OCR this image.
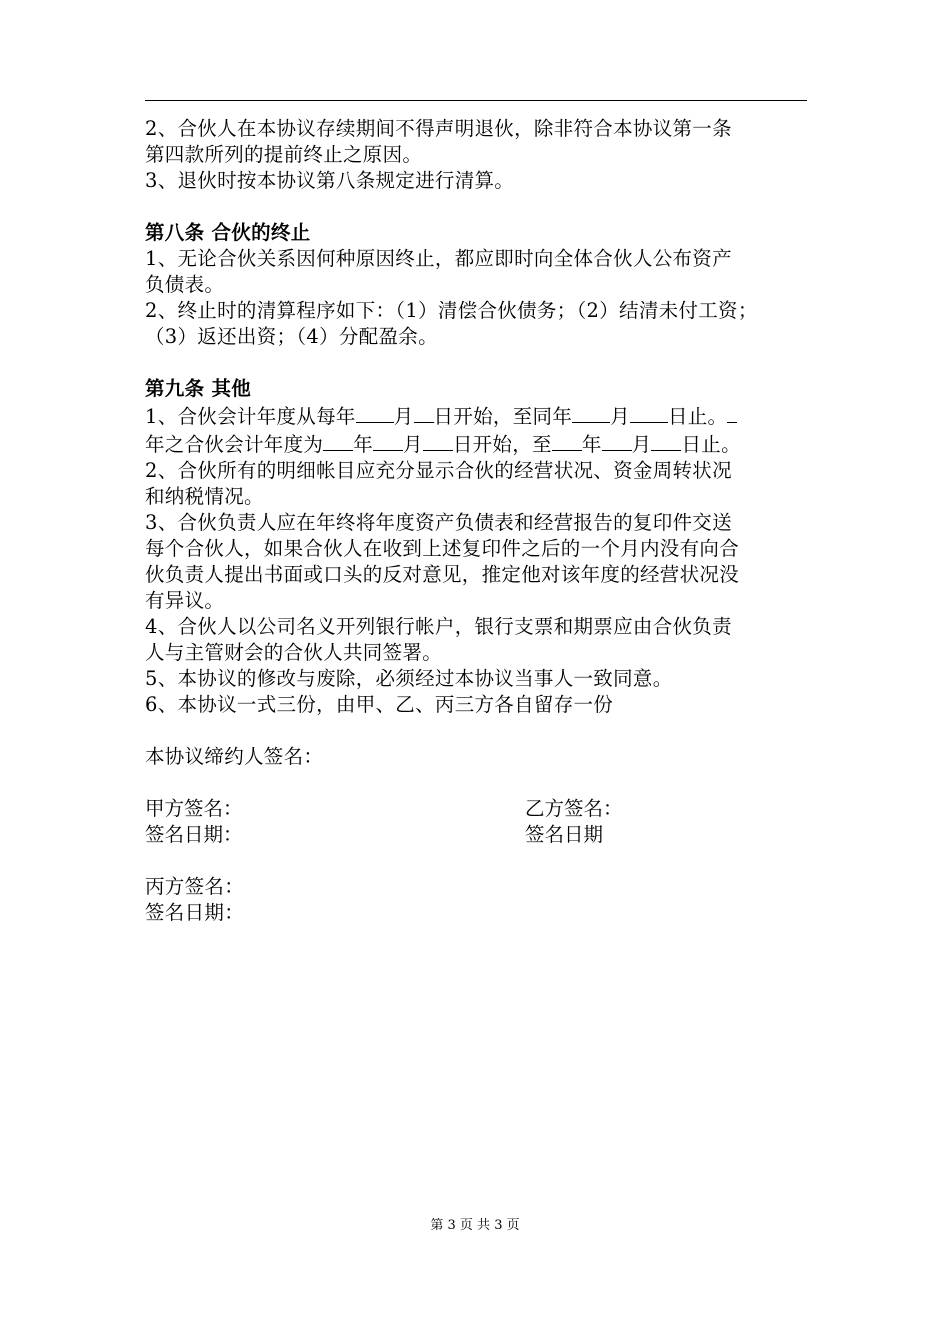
2、合伙人在本协议存续期间不得声明退伙，除非符合本协议第一条

第四款所列的提前终止之原因。

3、退伙时按本协议第八条规定进行清算。

第八条 合伙的终止

1、无论合伙关系因何种原因终止，都应即时向全体合伙人公布资产

负债表。

2、终止时的清算程序如下：（1）清偿合伙债务；（2）结清未付工资；

（3）返还出资；（4）分配盈余。

第九条 其他

1、合伙会计年度从每年 月 日开始，至同年 月 日止。

年之合伙会计年度为 年 月 日开始，至 年 月 日止。

2、合伙所有的明细帐目应充分显示合伙的经营状况、资金周转状况

和纳税情况。

3、合伙负责人应在年终将年度资产负债表和经营报告的复印件交送

每个合伙人，如果合伙人在收到上述复印件之后的一个月内没有向合

伙负责人提出书面或口头的反对意见，推定他对该年度的经营状况没

有异议。

4、合伙人以公司名义开列银行帐户，银行支票和期票应由合伙负责

人与主管财会的合伙人共同签署。

5、本协议的修改与废除，必须经过本协议当事人一致同意。

6、本协议一式三份，由甲、乙、丙三方各自留存一份

本协议缔约人签名：

甲方签名：	乙方签名：
签名日期：	签名日期

丙方签名：

签名日期：

第 3 页 共 3 页
